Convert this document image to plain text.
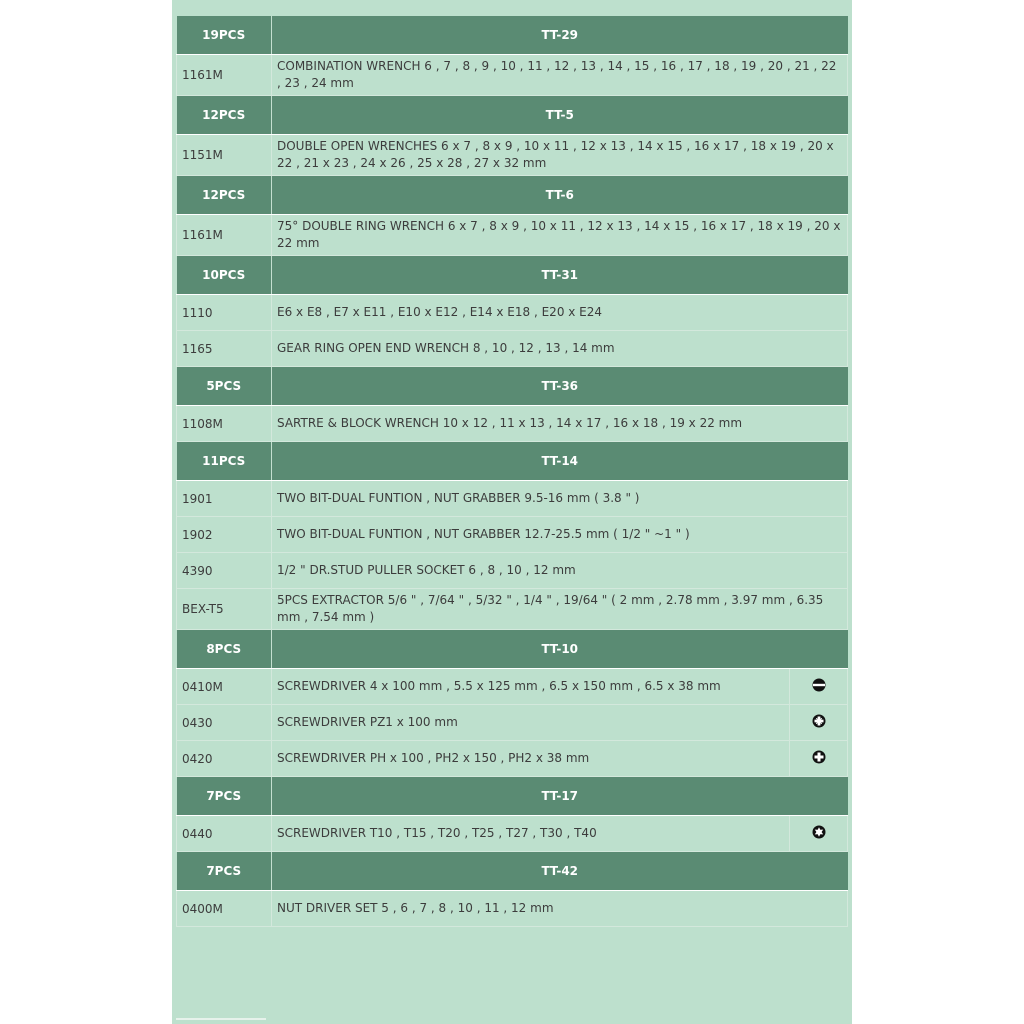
19PCS	TT-29	
1161M	COMBINATION WRENCH 6 , 7 , 8 , 9 , 10 , 11 , 12 , 13 , 14 , 15 , 16 , 17 , 18 , 19 , 20 , 21 , 22 , 23 , 24 mm	
12PCS	TT-5	
1151M	DOUBLE OPEN WRENCHES 6 x 7 , 8 x 9 , 10 x 11 , 12 x 13 , 14 x 15 , 16 x 17 , 18 x 19 , 20 x 22 , 21 x 23 , 24 x 26 , 25 x 28 , 27 x 32 mm	
12PCS	TT-6	
1161M	75° DOUBLE RING WRENCH 6 x 7 , 8 x 9 , 10 x 11 , 12 x 13 , 14 x 15 , 16 x 17 , 18 x 19 , 20 x 22 mm	
10PCS	TT-31	
1110	E6 x E8 , E7 x E11 , E10 x E12 , E14 x E18 , E20 x E24	
1165	GEAR RING OPEN END WRENCH 8 , 10 , 12 , 13 , 14 mm	
5PCS	TT-36	
1108M	SARTRE & BLOCK WRENCH 10 x 12 , 11 x 13 , 14 x 17 , 16 x 18 , 19 x 22 mm	
11PCS	TT-14	
1901	TWO BIT-DUAL FUNTION , NUT GRABBER 9.5-16 mm ( 3.8 " )	
1902	TWO BIT-DUAL FUNTION , NUT GRABBER 12.7-25.5 mm ( 1/2 " ~1 " )	
4390	1/2 " DR.STUD PULLER SOCKET 6 , 8 , 10 , 12 mm	
BEX-T5	5PCS EXTRACTOR 5/6 " , 7/64 " , 5/32 " , 1/4 " , 19/64 " ( 2 mm , 2.78 mm , 3.97 mm , 6.35 mm , 7.54 mm )	
8PCS	TT-10	
0410M	SCREWDRIVER 4 x 100 mm , 5.5 x 125 mm , 6.5 x 150 mm , 6.5 x 38 mm	
0430	SCREWDRIVER PZ1 x 100 mm	
0420	SCREWDRIVER PH x 100 , PH2 x 150 , PH2 x 38 mm	
7PCS	TT-17	
0440	SCREWDRIVER T10 , T15 , T20 , T25 , T27 , T30 , T40	
7PCS	TT-42	
0400M	NUT DRIVER SET 5 , 6 , 7 , 8 , 10 , 11 , 12 mm	
